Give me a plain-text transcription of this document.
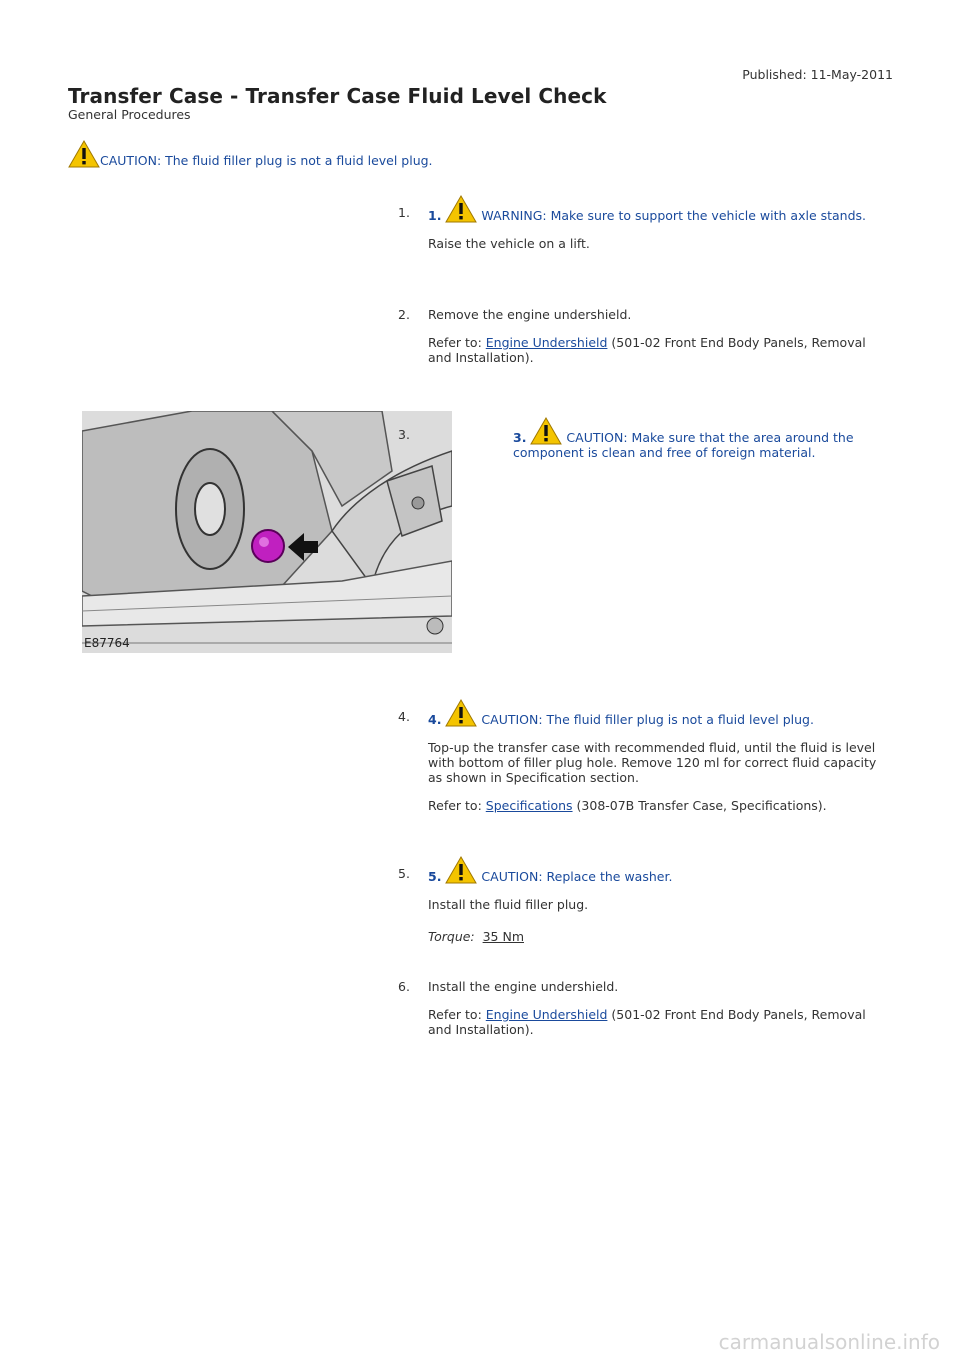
Published: 11-May-2011
Transfer Case - Transfer Case Fluid Level Check
General Procedures
CAUTION: The fluid filler plug is not a fluid level plug.
1.	1.	WARNING: Make sure to support the vehicle with axle stands.

Raise the vehicle on a lift.

2.	Remove the engine undershield.

Refer to: Engine Undershield (501-02 Front End Body Panels, Removal and Installation).

E87764
3.	3.	CAUTION: Make sure that the area around the component is clean and free of foreign material.

4.	4.	CAUTION: The fluid filler plug is not a fluid level plug.

Top-up the transfer case with recommended fluid, until the fluid is level with bottom of filler plug hole. Remove 120 ml for correct fluid capacity as shown in Specification section.

Refer to: Specifications (308-07B Transfer Case, Specifications).

5.	5.	CAUTION: Replace the washer.

Install the fluid filler plug.

Torque: 35 Nm

6.	Install the engine undershield.

Refer to: Engine Undershield (501-02 Front End Body Panels, Removal and Installation).

carmanualsonline.info
